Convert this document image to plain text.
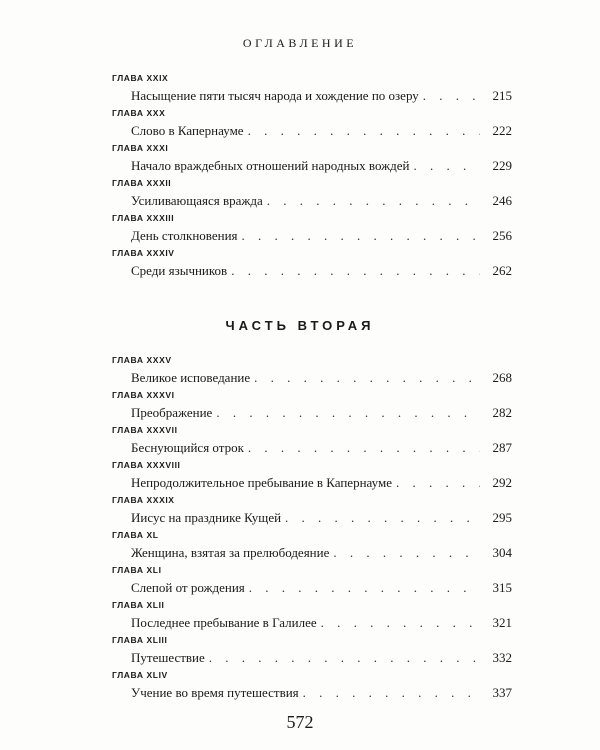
ОГЛАВЛЕНИЕ
ГЛАВА XXIX
Насыщение пяти тысяч народа и хождение по озеру . . .	215
ГЛАВА XXX
Слово в Капернауме . . .	222
ГЛАВА XXXI
Начало враждебных отношений народных вождей . . .	229
ГЛАВА XXXII
Усиливающаяся вражда . . .	246
ГЛАВА XXXIII
День столкновения . . .	256
ГЛАВА XXXIV
Среди язычников . . .	262
ЧАСТЬ ВТОРАЯ
ГЛАВА XXXV
Великое исповедание . . .	268
ГЛАВА XXXVI
Преображение . . .	282
ГЛАВА XXXVII
Беснующийся отрок . . .	287
ГЛАВА XXXVIII
Непродолжительное пребывание в Капернауме . . .	292
ГЛАВА XXXIX
Иисус на празднике Кущей . . .	295
ГЛАВА XL
Женщина, взятая за прелюбодеяние . . .	304
ГЛАВА XLI
Слепой от рождения . . .	315
ГЛАВА XLII
Последнее пребывание в Галилее . . .	321
ГЛАВА XLIII
Путешествие . . .	332
ГЛАВА XLIV
Учение во время путешествия . . .	337
572
